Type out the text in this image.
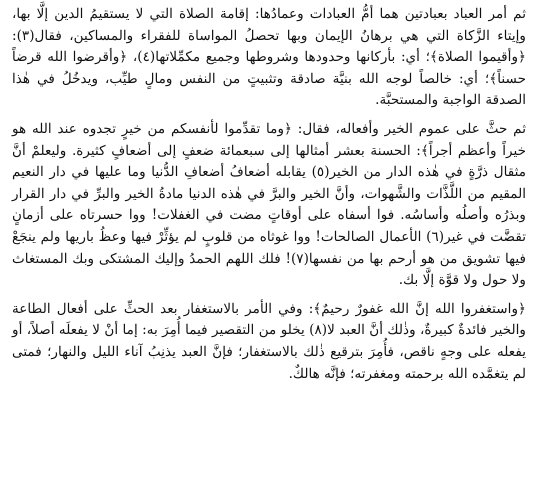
ثم أمر العباد بعبادتين هما أمُّ العبادات وعمادُها: إقامة الصلاة التي لا يستقيمُ الدين إلَّا بها، وإيتاء الزَّكاة التي هي برهانُ الإيمان وبها تحصلُ المواساة للفقراء والمساكين، فقال(٣): ﴿وأقيموا الصلاة﴾؛ أي: بأركانها وحدودها وشروطها وجميع مكمِّلاتها(٤)، ﴿وأقرضوا الله قرضاً حسناً﴾؛ أي: خالصاً لوجه الله بنيَّة صادقة وتثبيتٍ من النفس ومالٍ طيِّب، ويدخُلُ في هٰذا الصدقة الواجبة والمستحبَّة.

ثم حثَّ على عموم الخير وأفعاله، فقال: ﴿وما تقدِّموا لأنفسكم من خيرٍ تجدوه عند الله هو خيراً وأعظم أجراً﴾: الحسنة بعشر أمثالها إلى سبعمائة ضعفٍ إلى أضعافٍ كثيرة. وليعلمْ أنَّ مثقال ذرَّةٍ في هٰذه الدار من الخير(٥) يقابله أضعافُ أضعافِ الدُّنيا وما عليها في دار النعيم المقيم من اللَّذَّات والشَّهوات، وأنَّ الخير والبرَّ في هٰذه الدنيا مادةُ الخير والبرِّ في دار القرار وبذرُه وأصلُه وأساسُه. فوا أسفاه على أوقاتٍ مضت في الغفلات! ووا حسرتاه على أزمانٍ تقضَّت في غير(٦) الأعمال الصالحات! ووا غوثاه من قلوبٍ لم يؤثِّرْ فيها وعظُ باريها ولم ينجَعْ فيها تشويق من هو أرحم بها من نفسها(٧)! فلك اللهم الحمدُ وإليك المشتكى وبك المستغاث ولا حول ولا قوَّة إلَّا بك.

﴿واستغفروا الله إنَّ الله غفورٌ رحيمٌ﴾: وفي الأمر بالاستغفار بعد الحثِّ على أفعال الطاعة والخير فائدةٌ كبيرةٌ، وذٰلك أنَّ العبد لا(٨) يخلو من التقصير فيما أُمِرَ به: إما أنْ لا يفعلَه أصلاً، أو يفعله على وجهٍ ناقص، فأُمِرَ بترقيع ذٰلك بالاستغفار؛ فإنَّ العبد يذنِبُ آناء الليل والنهار؛ فمتى لم يتغمَّده الله برحمته ومغفرته؛ فإنَّه هالكٌ.
